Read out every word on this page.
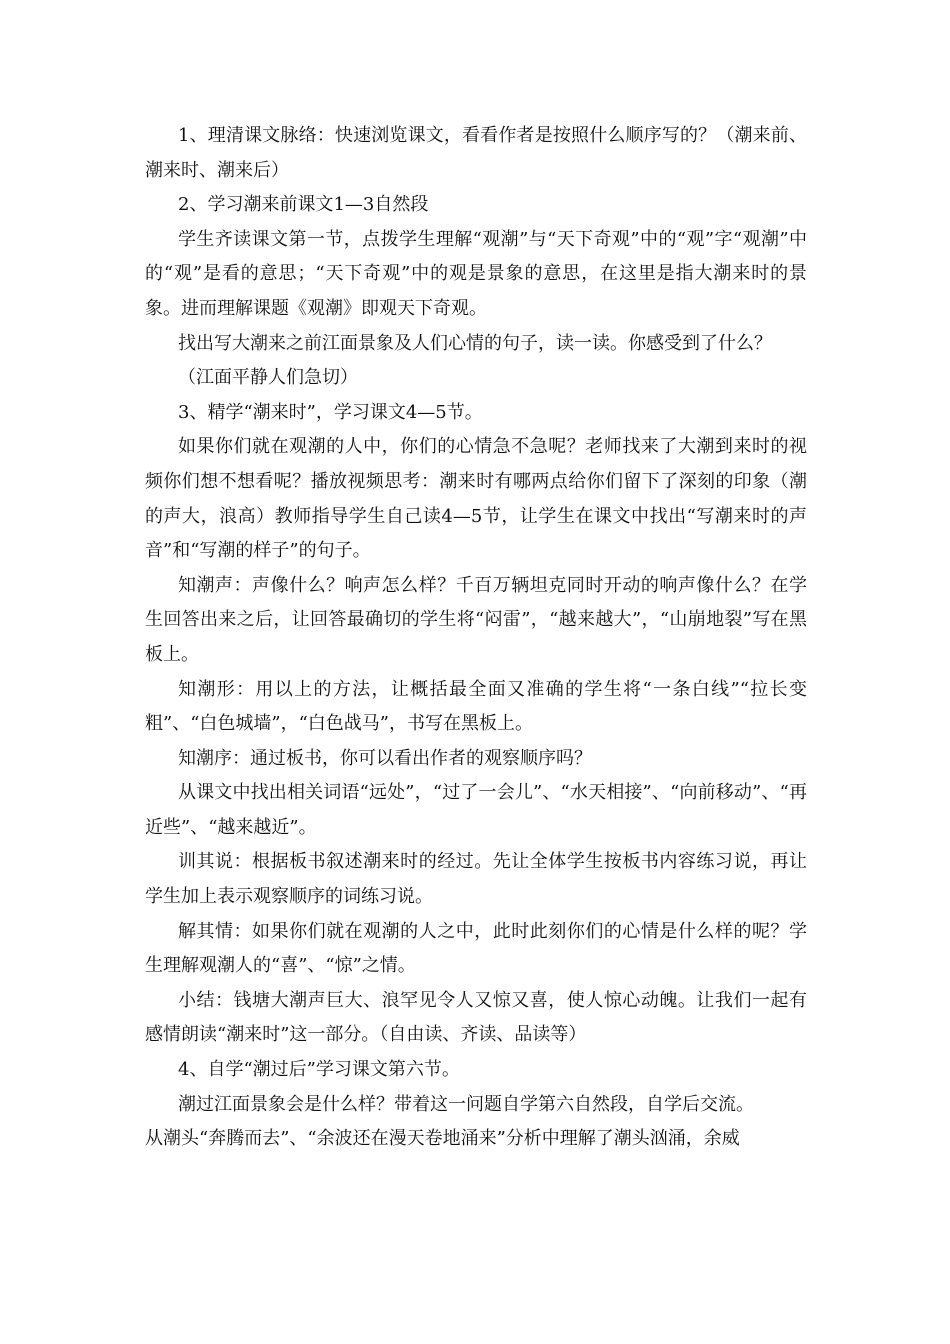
1、理清课文脉络：快速浏览课文，看看作者是按照什么顺序写的？（潮来前、潮来时、潮来后）

2、学习潮来前课文1—3自然段

学生齐读课文第一节，点拨学生理解“观潮”与“天下奇观”中的“观”字“观潮”中的“观”是看的意思；“天下奇观”中的观是景象的意思，在这里是指大潮来时的景象。进而理解课题《观潮》即观天下奇观。

找出写大潮来之前江面景象及人们心情的句子，读一读。你感受到了什么？

（江面平静人们急切）

3、精学“潮来时”，学习课文4—5节。

如果你们就在观潮的人中，你们的心情急不急呢？老师找来了大潮到来时的视频你们想不想看呢？播放视频思考：潮来时有哪两点给你们留下了深刻的印象（潮的声大，浪高）教师指导学生自己读4—5节，让学生在课文中找出“写潮来时的声音”和“写潮的样子”的句子。

知潮声：声像什么？响声怎么样？千百万辆坦克同时开动的响声像什么？在学生回答出来之后，让回答最确切的学生将“闷雷”，“越来越大”，“山崩地裂”写在黑板上。

知潮形：用以上的方法，让概括最全面又准确的学生将“一条白线”“拉长变粗”、“白色城墙”，“白色战马”，书写在黑板上。

知潮序：通过板书，你可以看出作者的观察顺序吗？

从课文中找出相关词语“远处”，“过了一会儿”、“水天相接”、“向前移动”、“再近些”、“越来越近”。

训其说：根据板书叙述潮来时的经过。先让全体学生按板书内容练习说，再让学生加上表示观察顺序的词练习说。

解其情：如果你们就在观潮的人之中，此时此刻你们的心情是什么样的呢？学生理解观潮人的“喜”、“惊”之情。

小结：钱塘大潮声巨大、浪罕见令人又惊又喜，使人惊心动魄。让我们一起有感情朗读“潮来时”这一部分。（自由读、齐读、品读等）

4、自学“潮过后”学习课文第六节。

潮过江面景象会是什么样？带着这一问题自学第六自然段，自学后交流。

从潮头“奔腾而去”、“余波还在漫天卷地涌来”分析中理解了潮头汹涌，余威
